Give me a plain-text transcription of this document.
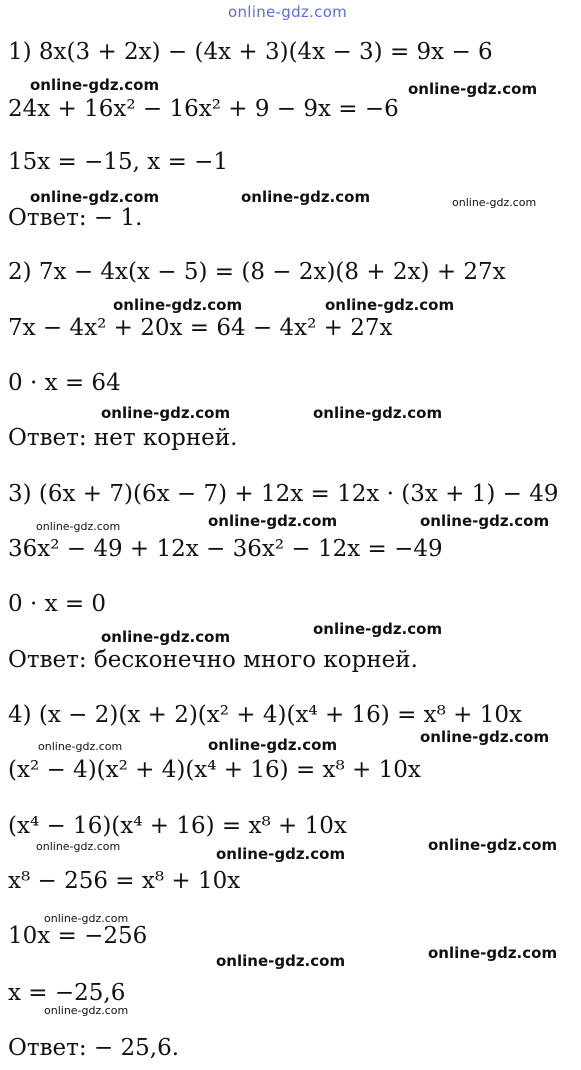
online-gdz.com
1) 8x(3 + 2x) − (4x + 3)(4x − 3) = 9x − 6
24x + 16x² − 16x² + 9 − 9x = −6
15x = −15, x = −1
Ответ: − 1.
2) 7x − 4x(x − 5) = (8 − 2x)(8 + 2x) + 27x
7x − 4x² + 20x = 64 − 4x² + 27x
0 · x = 64
Ответ: нет корней.
3) (6x + 7)(6x − 7) + 12x = 12x · (3x + 1) − 49
36x² − 49 + 12x − 36x² − 12x = −49
0 · x = 0
Ответ: бесконечно много корней.
4) (x − 2)(x + 2)(x² + 4)(x⁴ + 16) = x⁸ + 10x
(x² − 4)(x² + 4)(x⁴ + 16) = x⁸ + 10x
(x⁴ − 16)(x⁴ + 16) = x⁸ + 10x
x⁸ − 256 = x⁸ + 10x
10x = −256
x = −25,6
Ответ: − 25,6.
online-gdz.com	online-gdz.com
online-gdz.com	online-gdz.com	online-gdz.com
online-gdz.com	online-gdz.com
online-gdz.com	online-gdz.com
online-gdz.com	online-gdz.com	online-gdz.com
online-gdz.com
online-gdz.com
online-gdz.com	online-gdz.com	online-gdz.com
online-gdz.com	online-gdz.com	online-gdz.com
online-gdz.com
online-gdz.com	online-gdz.com
online-gdz.com
